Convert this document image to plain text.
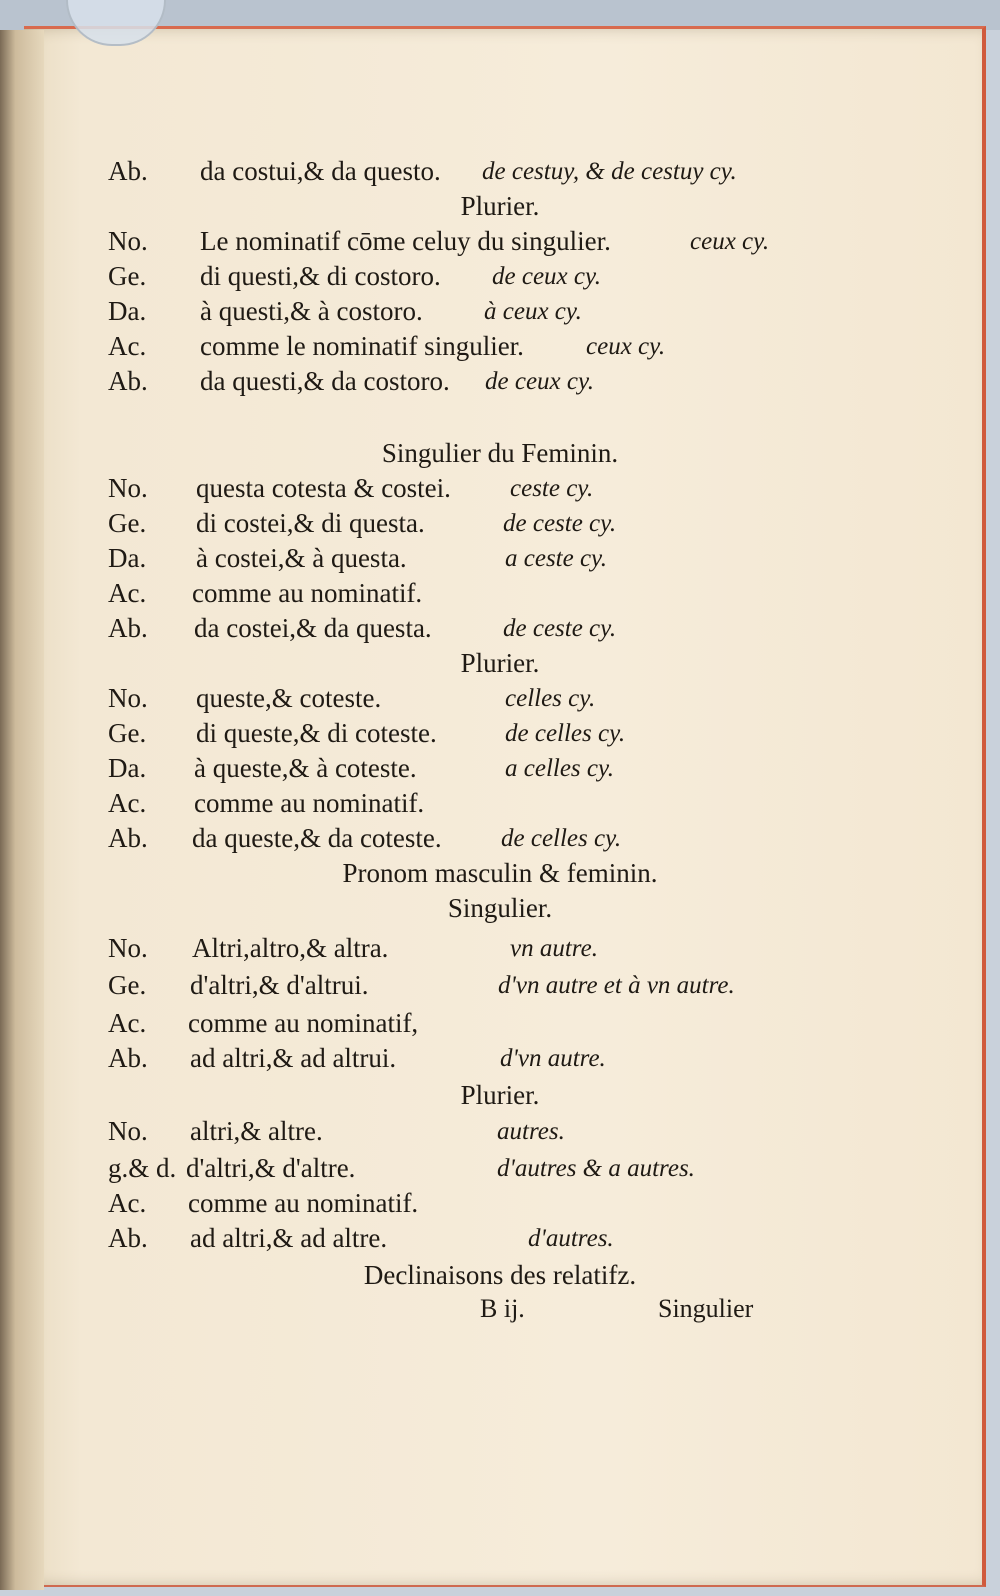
Ab. da costui,& da questo. de cestuy, & de cestuy cy.
Plurier.
No. Le nominatif cōme celuy du singulier.	ceux cy.
Ge. di questi,& di costoro. de ceux cy.
Da. à questi,& à costoro. à ceux cy.
Ac. comme le nominatif singulier. ceux cy.
Ab. da questi,& da costoro. de ceux cy.
Singulier du Feminin.
No. questa cotesta & costei. ceste cy.
Ge. di costei,& di questa.	de ceste cy.
Da. à costei,& à questa.	a ceste cy.
Ac. comme au nominatif.
Ab. da costei,& da questa.	de ceste cy.
Plurier.
No. queste,& coteste.	celles cy.
Ge. di queste,& di coteste.	de celles cy.
Da. à queste,& à coteste.	a celles cy.
Ac. comme au nominatif.
Ab. da queste,& da coteste. de celles cy.
Pronom masculin & feminin.
Singulier.
No. Altri,altro,& altra.	vn autre.
Ge. d'altri,& d'altrui.	d'vn autre et à vn autre.
Ac. comme au nominatif,
Ab. ad altri,& ad altrui.	d'vn autre.
Plurier.
No. altri,& altre.	autres.
g.& d. d'altri,& d'altre.	d'autres & a autres.
Ac. comme au nominatif.
Ab. ad altri,& ad altre.	d'autres.
Declinaisons des relatifz.
B ij.	Singulier
